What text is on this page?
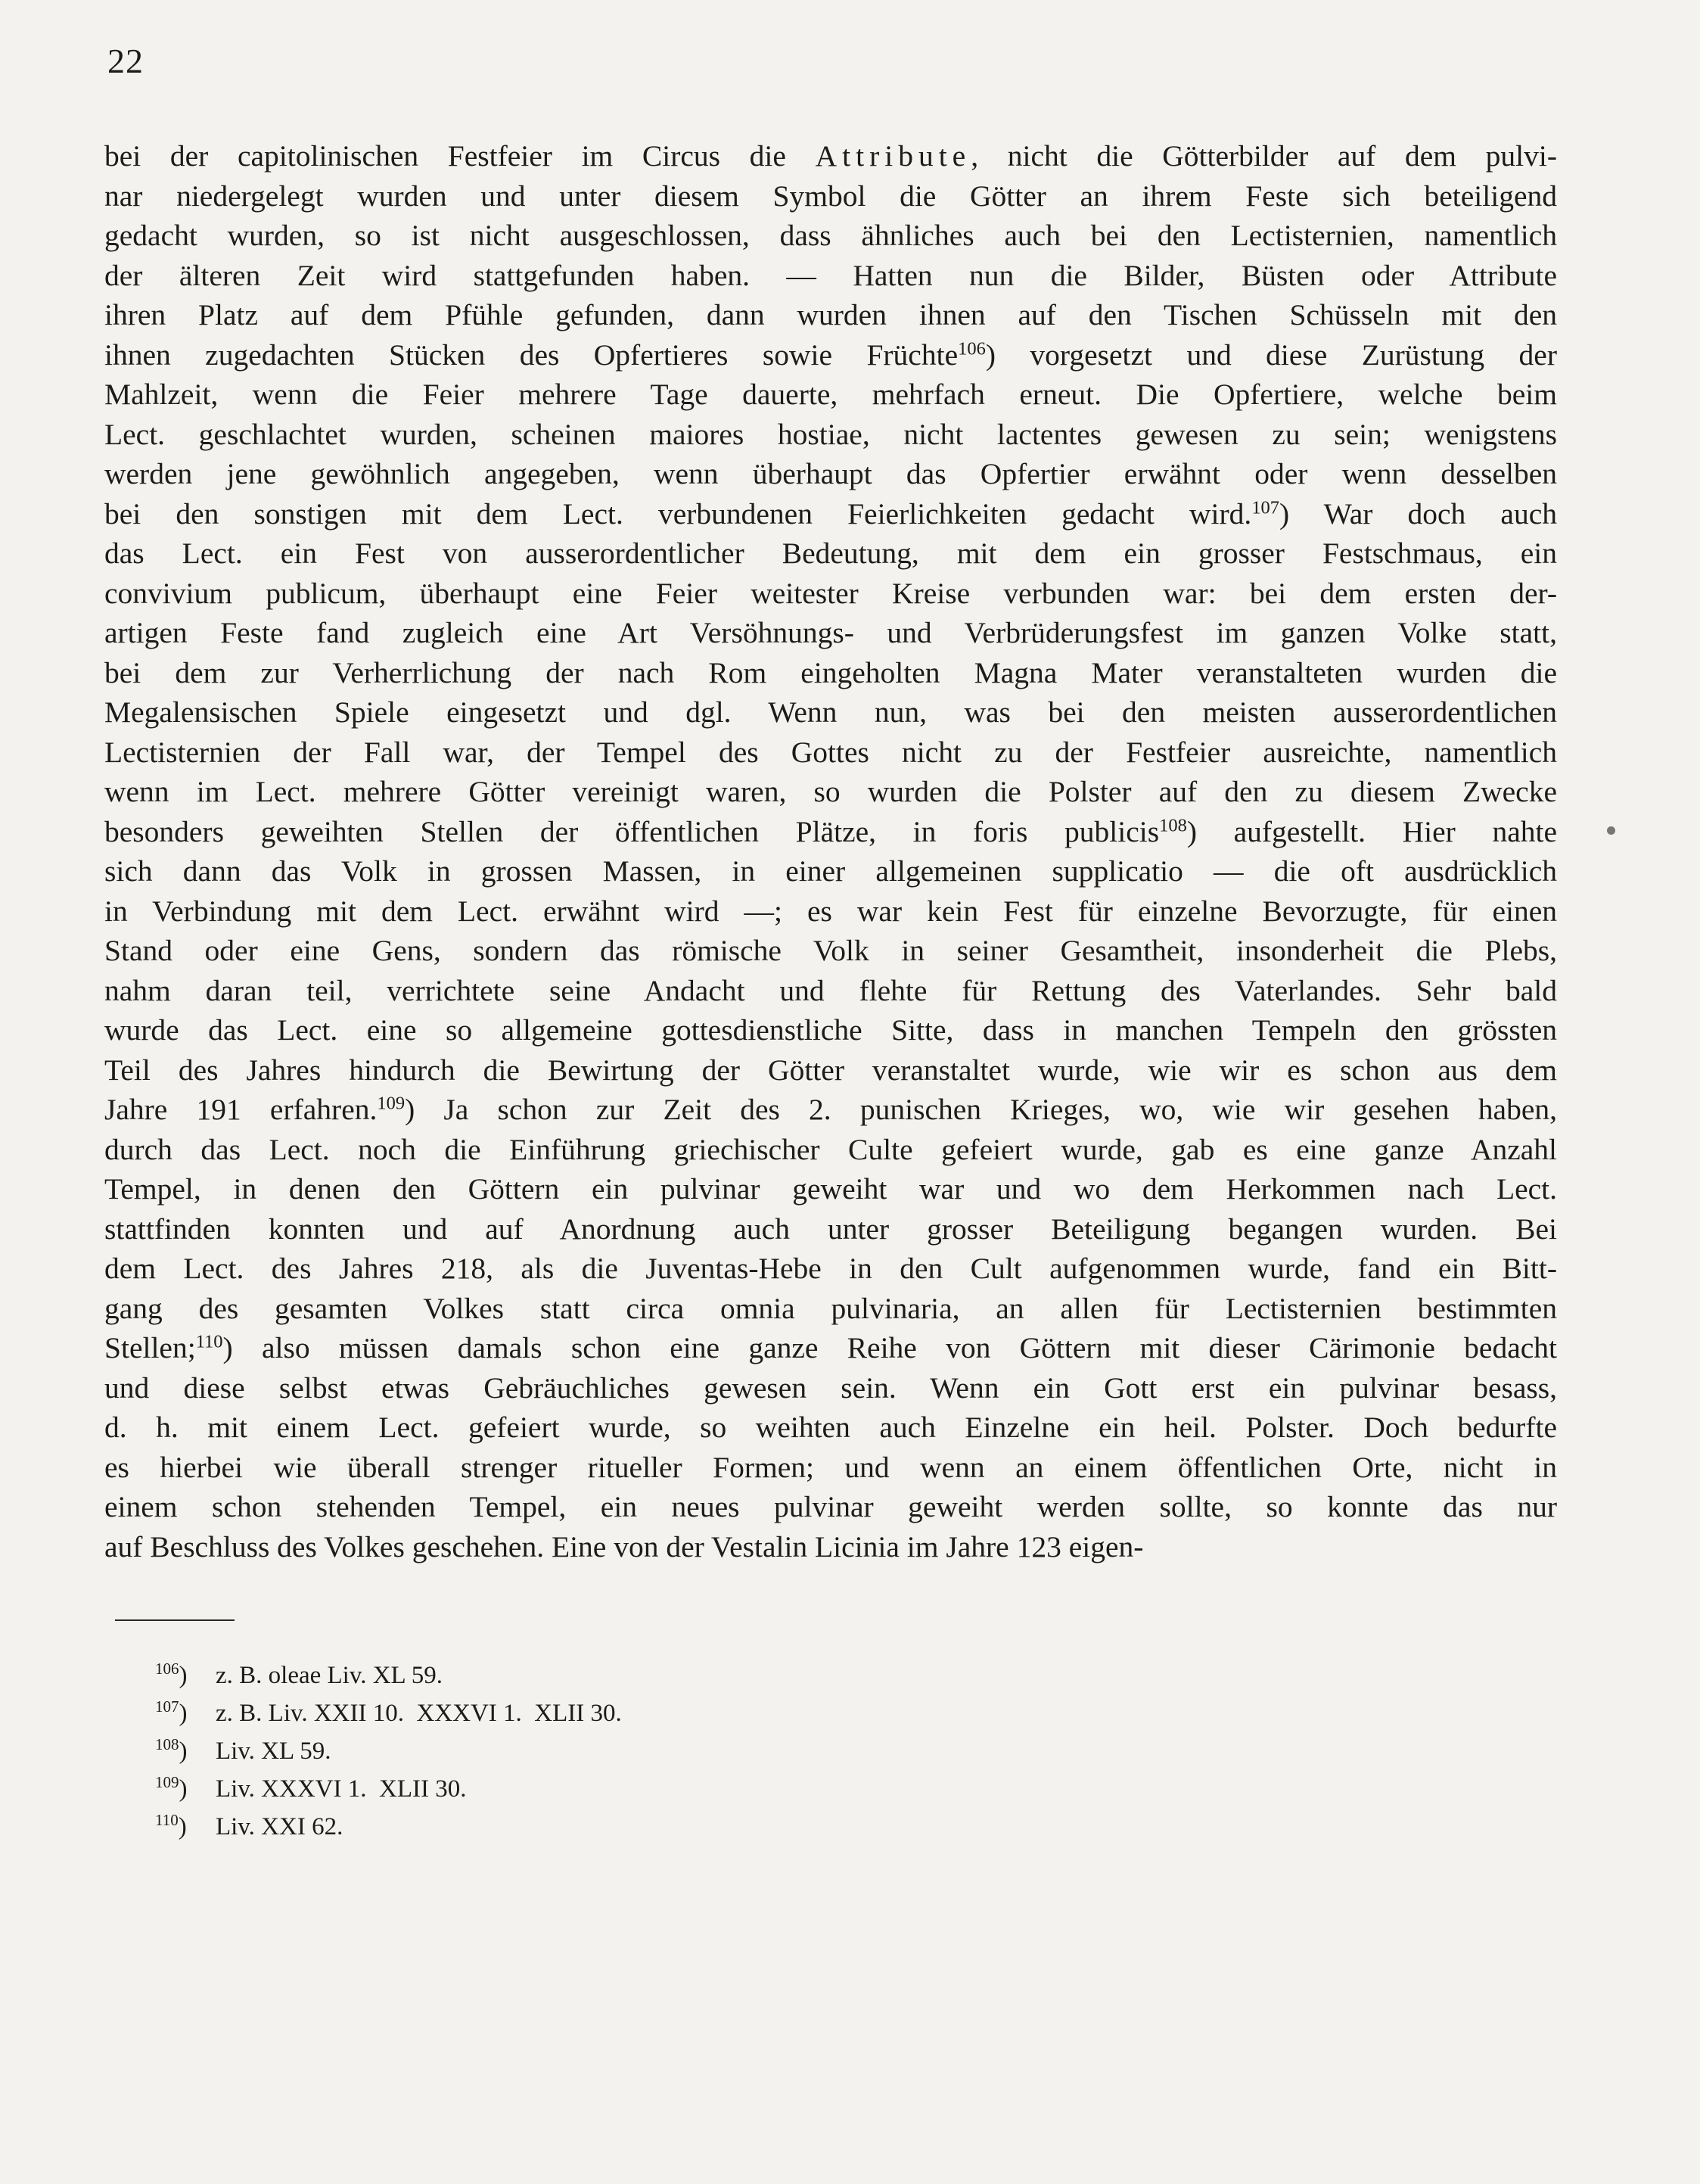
22
bei der capitolinischen Festfeier im Circus die Attribute, nicht die Götterbilder auf dem pulvi-
nar niedergelegt wurden und unter diesem Symbol die Götter an ihrem Feste sich beteiligend
gedacht wurden, so ist nicht ausgeschlossen, dass ähnliches auch bei den Lectisternien, namentlich
der älteren Zeit wird stattgefunden haben. — Hatten nun die Bilder, Büsten oder Attribute
ihren Platz auf dem Pfühle gefunden, dann wurden ihnen auf den Tischen Schüsseln mit den
ihnen zugedachten Stücken des Opfertieres sowie Früchte$^{106}$) vorgesetzt und diese Zurüstung der
Mahlzeit, wenn die Feier mehrere Tage dauerte, mehrfach erneut. Die Opfertiere, welche beim
Lect. geschlachtet wurden, scheinen maiores hostiae, nicht lactentes gewesen zu sein; wenigstens
werden jene gewöhnlich angegeben, wenn überhaupt das Opfertier erwähnt oder wenn desselben
bei den sonstigen mit dem Lect. verbundenen Feierlichkeiten gedacht wird.$^{107}$) War doch auch
das Lect. ein Fest von ausserordentlicher Bedeutung, mit dem ein grosser Festschmaus, ein
convivium publicum, überhaupt eine Feier weitester Kreise verbunden war: bei dem ersten der-
artigen Feste fand zugleich eine Art Versöhnungs- und Verbrüderungsfest im ganzen Volke statt,
bei dem zur Verherrlichung der nach Rom eingeholten Magna Mater veranstalteten wurden die
Megalensischen Spiele eingesetzt und dgl. Wenn nun, was bei den meisten ausserordentlichen
Lectisternien der Fall war, der Tempel des Gottes nicht zu der Festfeier ausreichte, namentlich
wenn im Lect. mehrere Götter vereinigt waren, so wurden die Polster auf den zu diesem Zwecke
besonders geweihten Stellen der öffentlichen Plätze, in foris publicis$^{108}$) aufgestellt. Hier nahte
sich dann das Volk in grossen Massen, in einer allgemeinen supplicatio — die oft ausdrücklich
in Verbindung mit dem Lect. erwähnt wird —; es war kein Fest für einzelne Bevorzugte, für einen
Stand oder eine Gens, sondern das römische Volk in seiner Gesamtheit, insonderheit die Plebs,
nahm daran teil, verrichtete seine Andacht und flehte für Rettung des Vaterlandes. Sehr bald
wurde das Lect. eine so allgemeine gottesdienstliche Sitte, dass in manchen Tempeln den grössten
Teil des Jahres hindurch die Bewirtung der Götter veranstaltet wurde, wie wir es schon aus dem
Jahre 191 erfahren.$^{109}$) Ja schon zur Zeit des 2. punischen Krieges, wo, wie wir gesehen haben,
durch das Lect. noch die Einführung griechischer Culte gefeiert wurde, gab es eine ganze Anzahl
Tempel, in denen den Göttern ein pulvinar geweiht war und wo dem Herkommen nach Lect.
stattfinden konnten und auf Anordnung auch unter grosser Beteiligung begangen wurden. Bei
dem Lect. des Jahres 218, als die Juventas-Hebe in den Cult aufgenommen wurde, fand ein Bitt-
gang des gesamten Volkes statt circa omnia pulvinaria, an allen für Lectisternien bestimmten
Stellen;$^{110}$) also müssen damals schon eine ganze Reihe von Göttern mit dieser Cärimonie bedacht
und diese selbst etwas Gebräuchliches gewesen sein. Wenn ein Gott erst ein pulvinar besass,
d. h. mit einem Lect. gefeiert wurde, so weihten auch Einzelne ein heil. Polster. Doch bedurfte
es hierbei wie überall strenger ritueller Formen; und wenn an einem öffentlichen Orte, nicht in
einem schon stehenden Tempel, ein neues pulvinar geweiht werden sollte, so konnte das nur
auf Beschluss des Volkes geschehen. Eine von der Vestalin Licinia im Jahre 123 eigen-
106 ) z. B. oleae Liv. XL 59.
107 ) z. B. Liv. XXII 10.  XXXVI 1.  XLII 30.
108 ) Liv. XL 59.
109 ) Liv. XXXVI 1.  XLII 30.
110 ) Liv. XXI 62.
